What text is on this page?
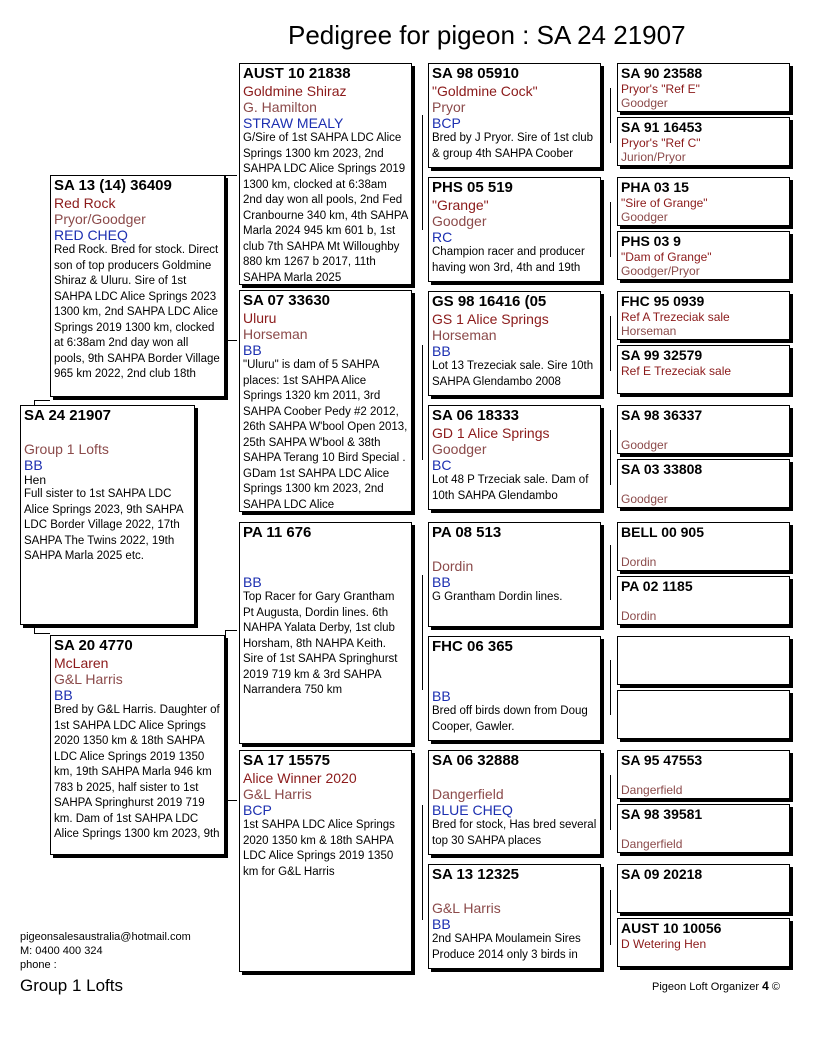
Pedigree for pigeon : SA 24 21907
SA 24 21907
Group 1 Lofts
BB
Hen
Full sister to 1st SAHPA LDC Alice Springs 2023, 9th SAHPA LDC Border Village 2022, 17th SAHPA The Twins 2022, 19th SAHPA Marla 2025 etc.
SA 13 (14) 36409
Red Rock
Pryor/Goodger
RED CHEQ
Red Rock. Bred for stock. Direct son of top producers Goldmine Shiraz & Uluru. Sire of 1st SAHPA LDC Alice Springs 2023 1300 km, 2nd SAHPA LDC Alice Springs 2019 1300 km, clocked at 6:38am 2nd day won all pools, 9th SAHPA Border Village 965 km 2022, 2nd club 18th
SA 20 4770
McLaren
G&L Harris
BB
Bred by G&L Harris. Daughter of 1st SAHPA LDC Alice Springs 2020 1350 km & 18th SAHPA LDC Alice Springs 2019 1350 km, 19th SAHPA Marla 946 km 783 b 2025, half sister to 1st SAHPA Springhurst 2019 719 km. Dam of 1st SAHPA LDC Alice Springs 1300 km 2023, 9th
AUST 10 21838
Goldmine Shiraz
G. Hamilton
STRAW MEALY
G/Sire of 1st SAHPA LDC Alice Springs 1300 km 2023, 2nd SAHPA LDC Alice Springs 2019 1300 km, clocked at 6:38am 2nd day won all pools, 2nd Fed Cranbourne 340 km, 4th SAHPA Marla 2024 945 km 601 b, 1st club 7th SAHPA Mt Willoughby 880 km 1267 b 2017, 11th SAHPA Marla 2025
SA 07 33630
Uluru
Horseman
BB
"Uluru" is dam of 5 SAHPA places: 1st SAHPA Alice Springs 1320 km 2011, 3rd SAHPA Coober Pedy #2 2012, 26th SAHPA W'bool Open 2013, 25th SAHPA W'bool & 38th SAHPA Terang 10 Bird Special . GDam 1st SAHPA LDC Alice Springs 1300 km 2023, 2nd SAHPA LDC Alice
PA 11 676
BB
Top Racer for Gary Grantham Pt Augusta, Dordin lines. 6th NAHPA Yalata Derby, 1st club Horsham, 8th NAHPA Keith. Sire of 1st SAHPA Springhurst 2019 719 km & 3rd SAHPA Narrandera 750 km
SA 17 15575
Alice Winner 2020
G&L Harris
BCP
1st SAHPA LDC Alice Springs 2020 1350 km & 18th SAHPA LDC Alice Springs 2019 1350 km for G&L Harris
SA 98 05910
"Goldmine Cock"
Pryor
BCP
Bred by J Pryor. Sire of 1st club & group 4th SAHPA Coober
PHS 05 519
"Grange"
Goodger
RC
Champion racer and producer having won 3rd, 4th and 19th
GS 98 16416 (05
GS 1 Alice Springs
Horseman
BB
Lot 13 Trezeciak sale. Sire 10th SAHPA Glendambo 2008
SA 06 18333
GD 1 Alice Springs
Goodger
BC
Lot 48 P Trzeciak sale. Dam of 10th SAHPA Glendambo
PA 08 513
Dordin
BB
G Grantham Dordin lines.
FHC 06 365
BB
Bred off birds down from Doug Cooper, Gawler.
SA 06 32888
Dangerfield
BLUE CHEQ
Bred for stock, Has bred several top 30 SAHPA places
SA 13 12325
G&L Harris
BB
2nd SAHPA Moulamein Sires Produce 2014 only 3 birds in
SA 90 23588
Pryor's "Ref E"
Goodger
SA 91 16453
Pryor's "Ref C"
Jurion/Pryor
PHA 03 15
"Sire of Grange"
Goodger
PHS 03 9
"Dam of Grange"
Goodger/Pryor
FHC 95 0939
Ref A Trezeciak sale
Horseman
SA 99 32579
Ref E Trezeciak sale
SA 98 36337
Goodger
SA 03 33808
Goodger
BELL 00 905
Dordin
PA 02 1185
Dordin
SA 95 47553
Dangerfield
SA 98 39581
Dangerfield
SA 09 20218
AUST 10 10056
D Wetering Hen
pigeonsalesaustralia@hotmail.com
M: 0400 400 324
phone :
Group 1 Lofts	Pigeon Loft Organizer 4 ©
